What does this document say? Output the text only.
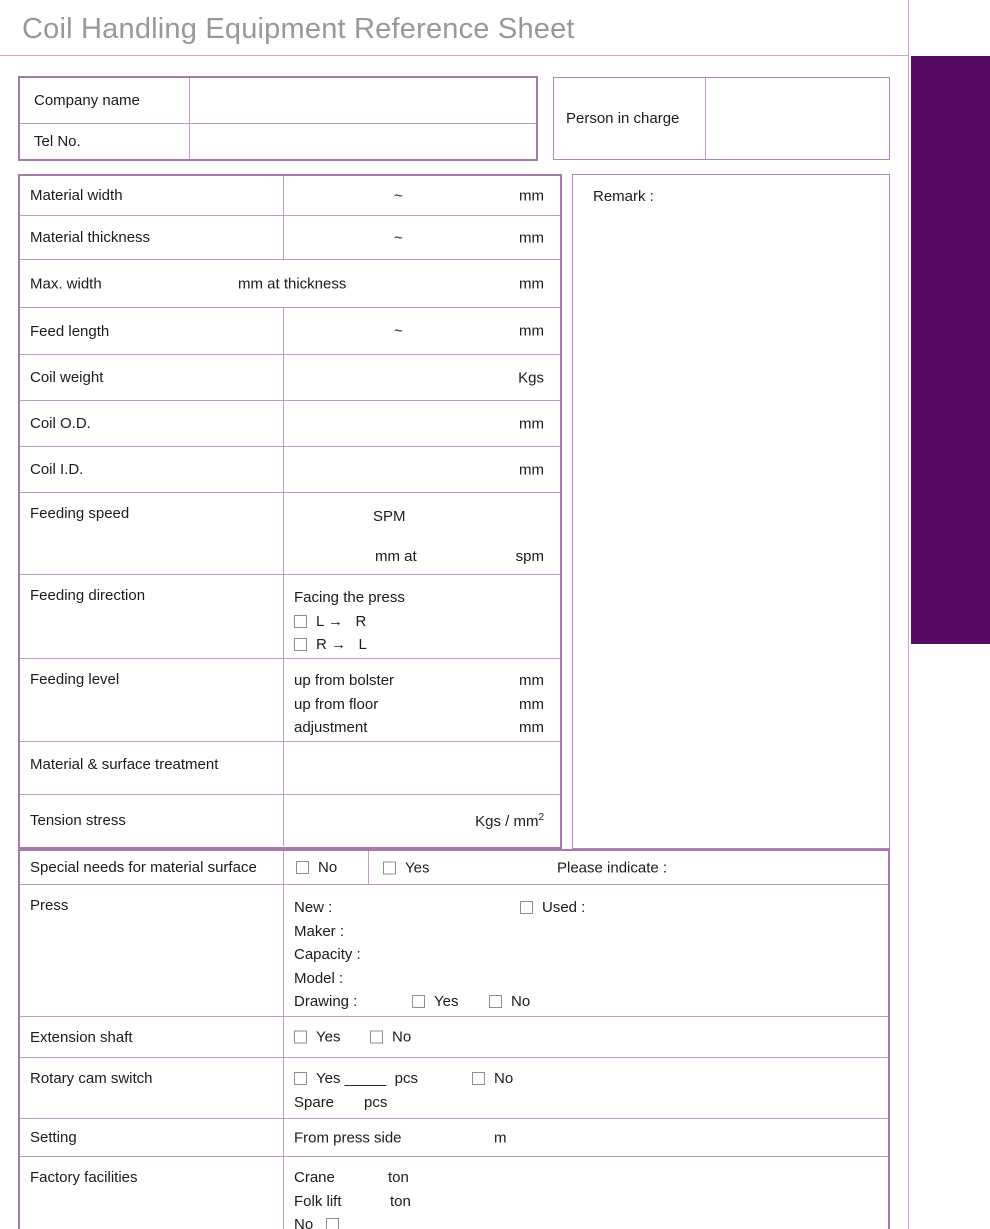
Coil Handling Equipment Reference Sheet
Company name
Tel No.
Person in charge
Material width	~	mm
Material thickness	~	mm
Max. width	mm at thickness	mm
Feed length	~	mm
Coil weight	Kgs
Coil O.D.	mm
Coil I.D.	mm
Feeding speed	SPM
mm at	spm
Feeding direction	Facing the press
L →   R
R →   L
Feeding level	up from bolster	mm
up from floor	mm
adjustment	mm
Material & surface treatment
Tension stress	Kgs / $mm^2$
Remark :
Special needs for material surface	No	Yes	Please indicate :
Press	New :	Used :
Maker :
Capacity :
Model :
Drawing :	Yes	No
Extension shaft	Yes	No
Rotary cam switch	Yes _____  pcs	No
Spare pcs
Setting	From press side	m
Factory facilities	Crane	ton
Folk lift	ton
No
